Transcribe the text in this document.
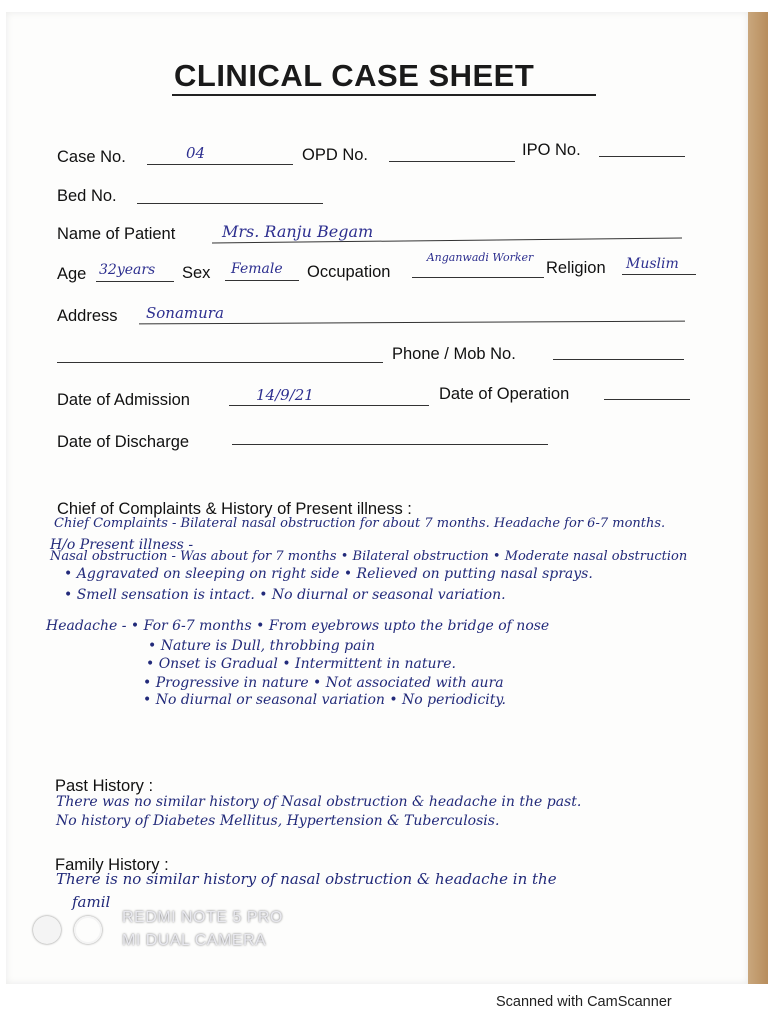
CLINICAL CASE SHEET
Case No.	04	OPD No.	IPO No.
Bed No.
Name of Patient	Mrs. Ranju Begam
Age 32years Sex Female Occupation
Anganwadi Worker
Religion Muslim
Address Sonamura
Phone / Mob No.
Date of Admission	14/9/21	Date of Operation
Date of Discharge
Chief of Complaints & History of Present illness :
Chief Complaints - Bilateral nasal obstruction for about 7 months. Headache for 6-7 months.
H/o Present illness -
Nasal obstruction - Was about for 7 months • Bilateral obstruction • Moderate nasal obstruction
• Aggravated on sleeping on right side • Relieved on putting nasal sprays.
• Smell sensation is intact. • No diurnal or seasonal variation.
Headache - • For 6-7 months • From eyebrows upto the bridge of nose
• Nature is Dull, throbbing pain
• Onset is Gradual • Intermittent in nature.
• Progressive in nature • Not associated with aura
• No diurnal or seasonal variation • No periodicity.
Past History :
There was no similar history of Nasal obstruction & headache in the past.
No history of Diabetes Mellitus, Hypertension & Tuberculosis.
Family History :
There is no similar history of nasal obstruction & headache in the
famil
REDMI NOTE 5 PRO
MI DUAL CAMERA
Scanned with CamScanner
